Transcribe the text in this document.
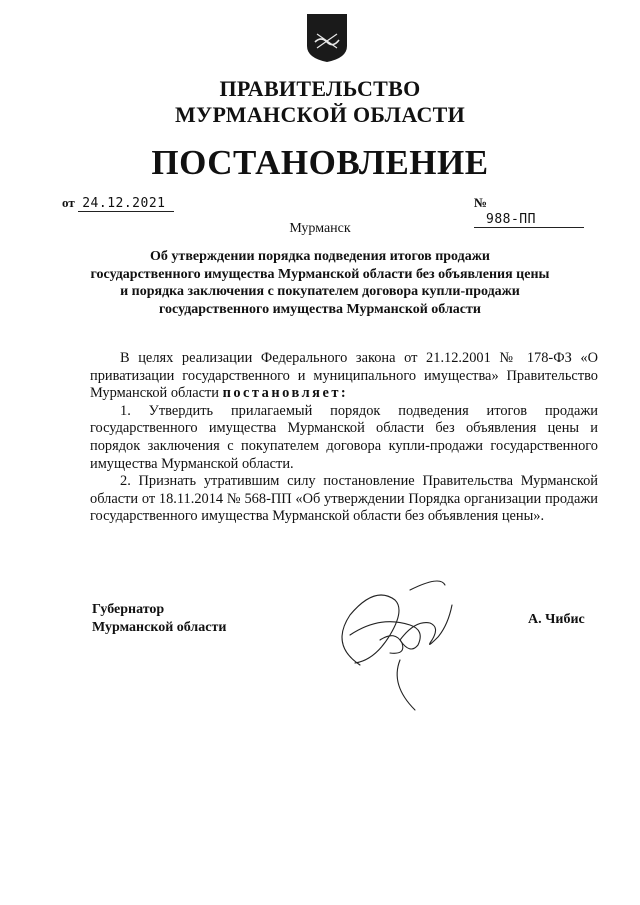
ПРАВИТЕЛЬСТВО
МУРМАНСКОЙ ОБЛАСТИ
ПОСТАНОВЛЕНИЕ
от 24.12.2021	№ 988-ПП
Мурманск
Об утверждении порядка подведения итогов продажи
государственного имущества Мурманской области без объявления цены
и порядка заключения с покупателем договора купли-продажи
государственного имущества Мурманской области

В целях реализации Федерального закона от 21.12.2001 № 178-ФЗ «О приватизации государственного и муниципального имущества» Правительство Мурманской области постановляет:

1. Утвердить прилагаемый порядок подведения итогов продажи государственного имущества Мурманской области без объявления цены и порядок заключения с покупателем договора купли-продажи государственного имущества Мурманской области.

2. Признать утратившим силу постановление Правительства Мурманской области от 18.11.2014 № 568-ПП «Об утверждении Порядка организации продажи государственного имущества Мурманской области без объявления цены».

Губернатор
Мурманской области
А. Чибис
